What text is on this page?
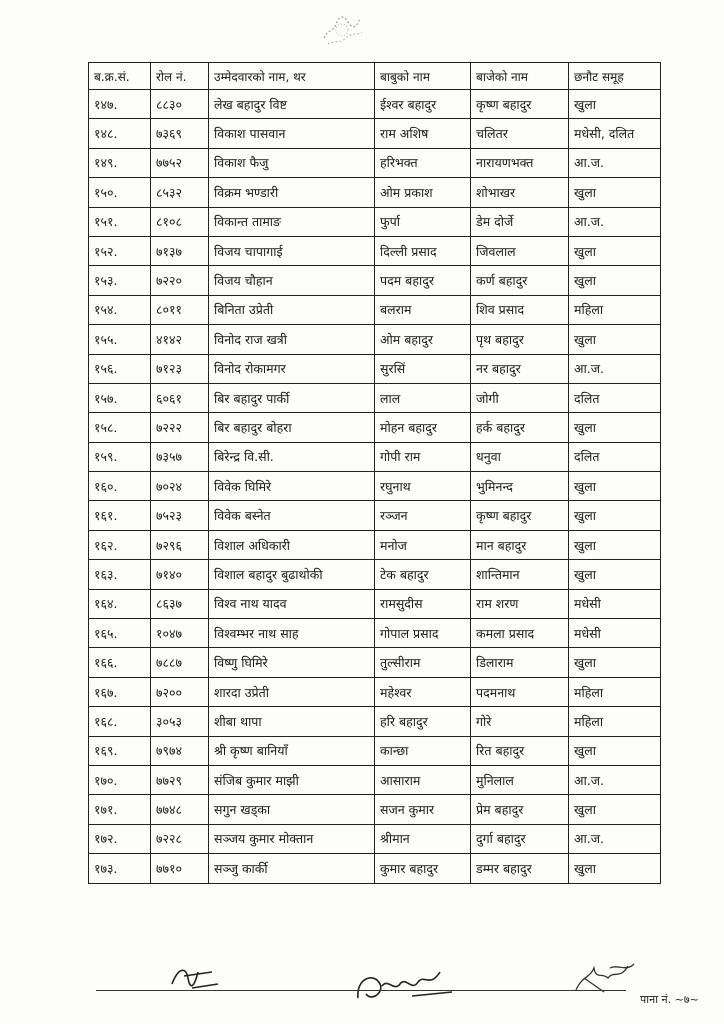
ब.क्र.सं.	रोल नं.	उम्मेदवारको नाम, थर	बाबुको नाम	बाजेको नाम	छनौट समूह
१४७.	८८३०	लेख बहादुर विष्ट	ईश्वर बहादुर	कृष्ण बहादुर	खुला
१४८.	७३६९	विकाश पासवान	राम अशिष	चलितर	मधेसी, दलित
१४९.	७७५२	विकाश फैजु	हरिभक्त	नारायणभक्त	आ.ज.
१५०.	८५३२	विक्रम भण्डारी	ओम प्रकाश	शोभाखर	खुला
१५१.	८१०८	विकान्त तामाङ	फुर्पा	डेम दोर्जे	आ.ज.
१५२.	७१३७	विजय चापागाई	दिल्ली प्रसाद	जिवलाल	खुला
१५३.	७२२०	विजय चौहान	पदम बहादुर	कर्ण बहादुर	खुला
१५४.	८०११	बिनिता उप्रेती	बलराम	शिव प्रसाद	महिला
१५५.	४१४२	विनोद राज खत्री	ओम बहादुर	पृथ बहादुर	खुला
१५६.	७१२३	विनोद रोकामगर	सुरसिं	नर बहादुर	आ.ज.
१५७.	६०६१	बिर बहादुर पार्की	लाल	जोगी	दलित
१५८.	७२२२	बिर बहादुर बोहरा	मोहन बहादुर	हर्क बहादुर	खुला
१५९.	७३५७	बिरेन्द्र वि.सी.	गोपी राम	धनुवा	दलित
१६०.	७०२४	विवेक घिमिरे	रघुनाथ	भुमिनन्द	खुला
१६१.	७५२३	विवेक बस्नेत	रञ्जन	कृष्ण बहादुर	खुला
१६२.	७२९६	विशाल अधिकारी	मनोज	मान बहादुर	खुला
१६३.	७१४०	विशाल बहादुर बुढाथोकी	टेक बहादुर	शान्तिमान	खुला
१६४.	८६३७	विश्व नाथ यादव	रामसुदीस	राम शरण	मधेसी
१६५.	१०४७	विश्वम्भर नाथ साह	गोपाल प्रसाद	कमला प्रसाद	मधेसी
१६६.	७८८७	विष्णु घिमिरे	तुल्सीराम	डिलाराम	खुला
१६७.	७२००	शारदा उप्रेती	महेश्वर	पदमनाथ	महिला
१६८.	३०५३	शीबा थापा	हरि बहादुर	गोरे	महिला
१६९.	७९७४	श्री कृष्ण बानियाँ	कान्छा	रित बहादुर	खुला
१७०.	७७२९	संजिब कुमार माझी	आसाराम	मुनिलाल	आ.ज.
१७१.	७७४८	सगुन खड्का	सजन कुमार	प्रेम बहादुर	खुला
१७२.	७२२८	सञ्जय कुमार मोक्तान	श्रीमान	दुर्गा बहादुर	आ.ज.
१७३.	७७१०	सञ्जु कार्की	कुमार बहादुर	डम्मर बहादुर	खुला
पाना नं. ~७~
